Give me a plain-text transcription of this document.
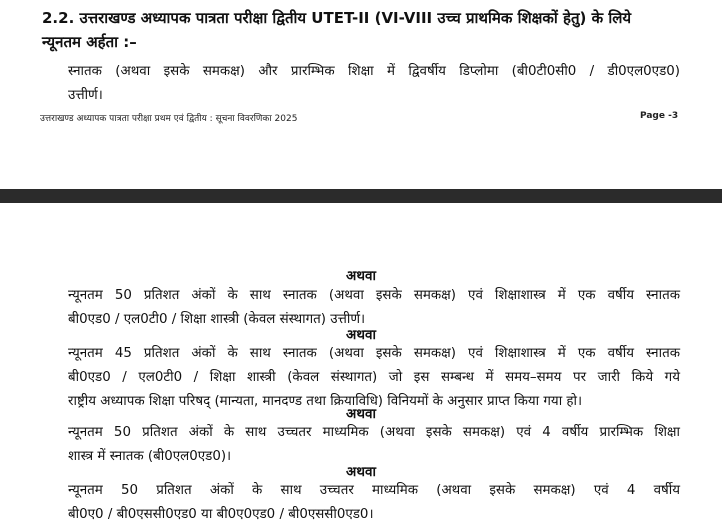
2.2. उत्तराखण्ड अध्यापक पात्रता परीक्षा द्वितीय UTET-II (VI-VIII उच्च प्राथमिक शिक्षकों हेतु) के लिये
न्यूनतम अर्हता :–
स्नातक (अथवा इसके समकक्ष) और प्रारम्भिक शिक्षा में द्विवर्षीय डिप्लोमा (बी0टी0सी0 / डी0एल0एड0)
उत्तीर्ण।
उत्तराखण्ड अध्यापक पात्रता परीक्षा प्रथम एवं द्वितीय : सूचना विवरणिका 2025	Page -3
अथवा
न्यूनतम 50 प्रतिशत अंकों के साथ स्नातक (अथवा इसके समकक्ष) एवं शिक्षाशास्त्र में एक वर्षीय स्नातक
बी0एड0 / एल0टी0 / शिक्षा शास्त्री (केवल संस्थागत) उत्तीर्ण।
अथवा
न्यूनतम 45 प्रतिशत अंकों के साथ स्नातक (अथवा इसके समकक्ष) एवं शिक्षाशास्त्र में एक वर्षीय स्नातक
बी0एड0 / एल0टी0 / शिक्षा शास्त्री (केवल संस्थागत) जो इस सम्बन्ध में समय–समय पर जारी किये गये
राष्ट्रीय अध्यापक शिक्षा परिषद् (मान्यता, मानदण्ड तथा क्रियाविधि) विनियमों के अनुसार प्राप्त किया गया हो।
अथवा
न्यूनतम 50 प्रतिशत अंकों के साथ उच्चतर माध्यमिक (अथवा इसके समकक्ष) एवं 4 वर्षीय प्रारम्भिक शिक्षा
शास्त्र में स्नातक (बी0एल0एड0)।
अथवा
न्यूनतम 50 प्रतिशत अंकों के साथ उच्चतर माध्यमिक (अथवा इसके समकक्ष) एवं 4 वर्षीय
बी0ए0 / बी0एससी0एड0 या बी0ए0एड0 / बी0एससी0एड0।
